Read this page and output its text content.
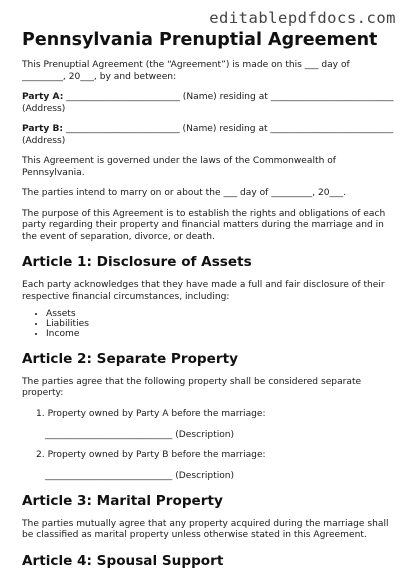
editablepdfdocs.com
Pennsylvania Prenuptial Agreement

This Prenuptial Agreement (the “Agreement”) is made on this ___ day of _________, 20___, by and between:

Party A: _________________________ (Name) residing at ___________________________ (Address)

Party B: _________________________ (Name) residing at ___________________________ (Address)

This Agreement is governed under the laws of the Commonwealth of Pennsylvania.

The parties intend to marry on or about the ___ day of _________, 20___.

The purpose of this Agreement is to establish the rights and obligations of each party regarding their property and financial matters during the marriage and in the event of separation, divorce, or death.

Article 1: Disclosure of Assets

Each party acknowledges that they have made a full and fair disclosure of their respective financial circumstances, including:

• Assets
• Liabilities
• Income
Article 2: Separate Property

The parties agree that the following property shall be considered separate property:

1. Property owned by Party A before the marriage:
____________________________ (Description)
2. Property owned by Party B before the marriage:
____________________________ (Description)
Article 3: Marital Property

The parties mutually agree that any property acquired during the marriage shall be classified as marital property unless otherwise stated in this Agreement.

Article 4: Spousal Support
